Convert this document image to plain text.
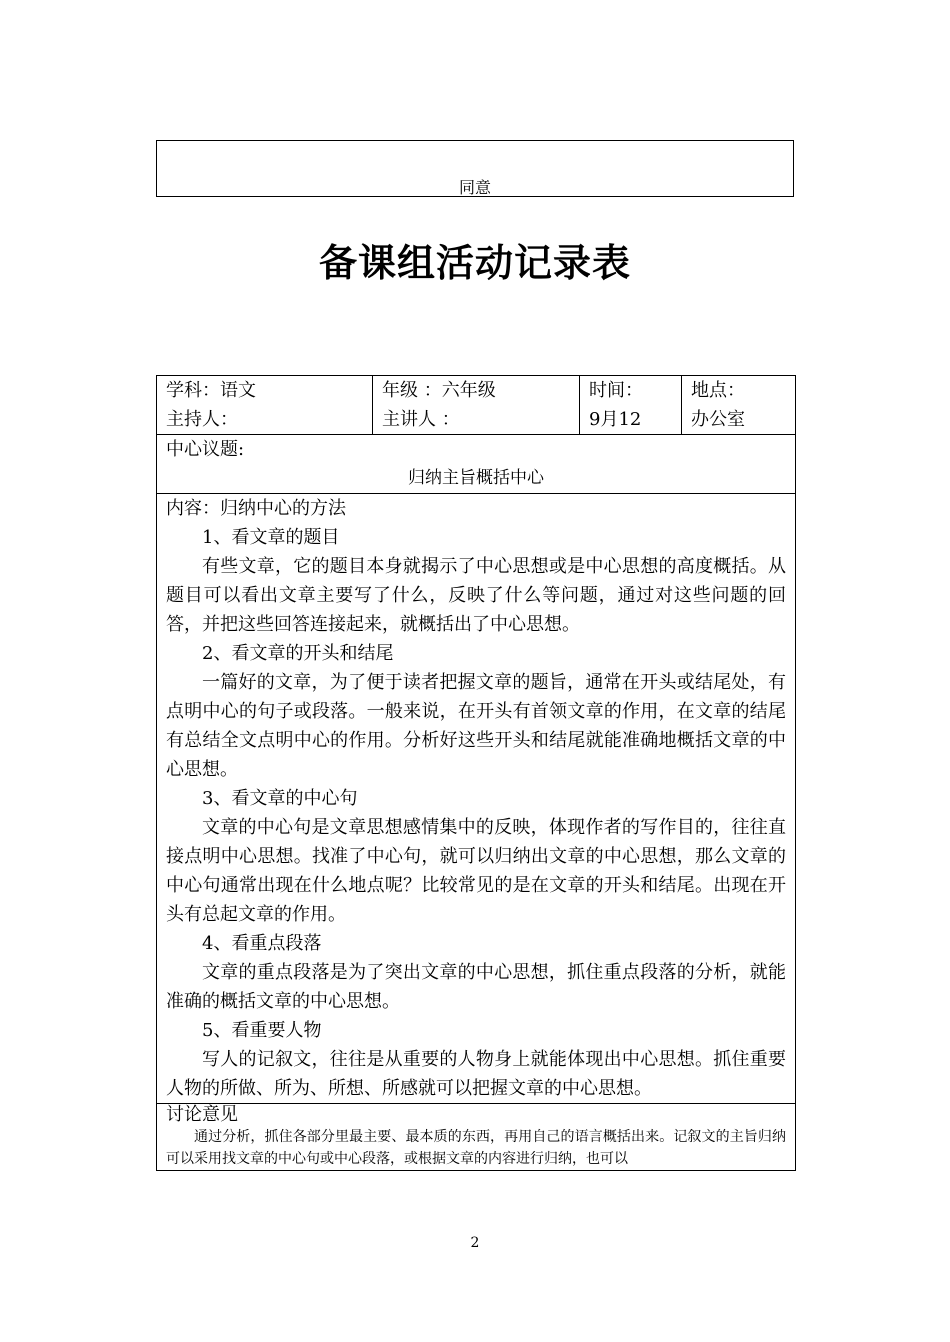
同意
备课组活动记录表
学科：语文
主持人：

年级 ：六年级
主讲人 ：

时间：
9月12

地点：
办公室

中心议题:
归纳主旨概括中心

内容：归纳中心的方法

1、看文章的题目

有些文章，它的题目本身就揭示了中心思想或是中心思想的高度概括。从题目可以看出文章主要写了什么，反映了什么等问题，通过对这些问题的回答，并把这些回答连接起来，就概括出了中心思想。

2、看文章的开头和结尾

一篇好的文章，为了便于读者把握文章的题旨，通常在开头或结尾处，有点明中心的句子或段落。一般来说，在开头有首领文章的作用，在文章的结尾有总结全文点明中心的作用。分析好这些开头和结尾就能准确地概括文章的中心思想。

3、看文章的中心句

文章的中心句是文章思想感情集中的反映，体现作者的写作目的，往往直接点明中心思想。找准了中心句，就可以归纳出文章的中心思想，那么文章的中心句通常出现在什么地点呢？比较常见的是在文章的开头和结尾。出现在开头有总起文章的作用。

4、看重点段落

文章的重点段落是为了突出文章的中心思想，抓住重点段落的分析，就能准确的概括文章的中心思想。

5、看重要人物

写人的记叙文，往往是从重要的人物身上就能体现出中心思想。抓住重要人物的所做、所为、所想、所感就可以把握文章的中心思想。

讨论意见

通过分析，抓住各部分里最主要、最本质的东西，再用自己的语言概括出来。记叙文的主旨归纳可以采用找文章的中心句或中心段落，或根据文章的内容进行归纳，也可以

2
